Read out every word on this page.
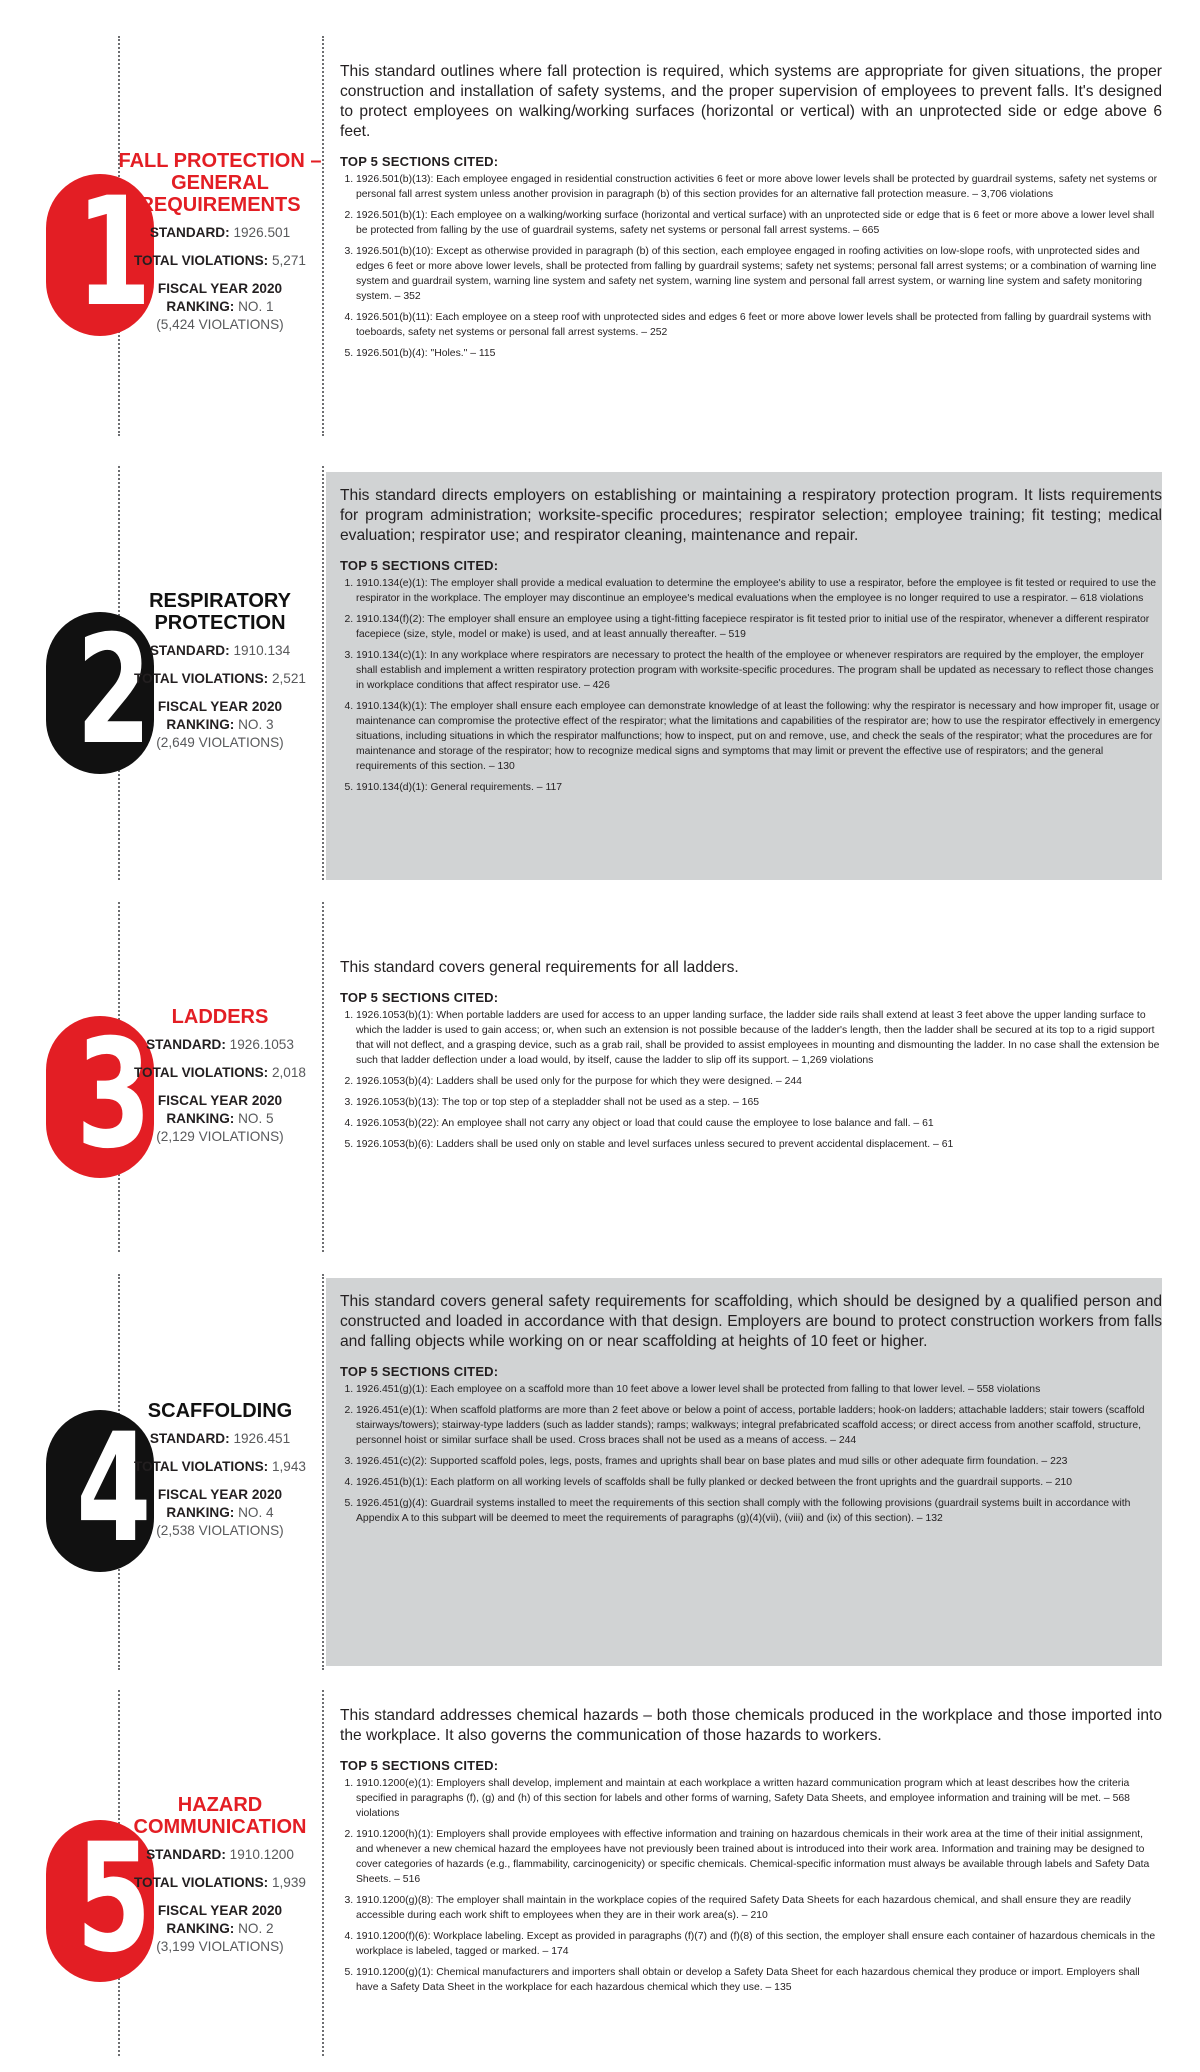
1
FALL PROTECTION – GENERAL REQUIREMENTS
STANDARD: 1926.501
TOTAL VIOLATIONS: 5,271
FISCAL YEAR 2020
RANKING: NO. 1
(5,424 VIOLATIONS)

This standard outlines where fall protection is required, which systems are appropriate for given situations, the proper construction and installation of safety systems, and the proper supervision of employees to prevent falls. It's designed to protect employees on walking/working surfaces (horizontal or vertical) with an unprotected side or edge above 6 feet.

TOP 5 SECTIONS CITED:
1. 1926.501(b)(13): Each employee engaged in residential construction activities 6 feet or more above lower levels shall be protected by guardrail systems, safety net systems or personal fall arrest system unless another provision in paragraph (b) of this section provides for an alternative fall protection measure. – 3,706 violations
2. 1926.501(b)(1): Each employee on a walking/working surface (horizontal and vertical surface) with an unprotected side or edge that is 6 feet or more above a lower level shall be protected from falling by the use of guardrail systems, safety net systems or personal fall arrest systems. – 665
3. 1926.501(b)(10): Except as otherwise provided in paragraph (b) of this section, each employee engaged in roofing activities on low-slope roofs, with unprotected sides and edges 6 feet or more above lower levels, shall be protected from falling by guardrail systems; safety net systems; personal fall arrest systems; or a combination of warning line system and guardrail system, warning line system and safety net system, warning line system and personal fall arrest system, or warning line system and safety monitoring system. – 352
4. 1926.501(b)(11): Each employee on a steep roof with unprotected sides and edges 6 feet or more above lower levels shall be protected from falling by guardrail systems with toeboards, safety net systems or personal fall arrest systems. – 252
5. 1926.501(b)(4): "Holes." – 115
2
RESPIRATORY PROTECTION
STANDARD: 1910.134
TOTAL VIOLATIONS: 2,521
FISCAL YEAR 2020
RANKING: NO. 3
(2,649 VIOLATIONS)

This standard directs employers on establishing or maintaining a respiratory protection program. It lists requirements for program administration; worksite-specific procedures; respirator selection; employee training; fit testing; medical evaluation; respirator use; and respirator cleaning, maintenance and repair.

TOP 5 SECTIONS CITED:
1. 1910.134(e)(1): The employer shall provide a medical evaluation to determine the employee's ability to use a respirator, before the employee is fit tested or required to use the respirator in the workplace. The employer may discontinue an employee's medical evaluations when the employee is no longer required to use a respirator. – 618 violations
2. 1910.134(f)(2): The employer shall ensure an employee using a tight-fitting facepiece respirator is fit tested prior to initial use of the respirator, whenever a different respirator facepiece (size, style, model or make) is used, and at least annually thereafter. – 519
3. 1910.134(c)(1): In any workplace where respirators are necessary to protect the health of the employee or whenever respirators are required by the employer, the employer shall establish and implement a written respiratory protection program with worksite-specific procedures. The program shall be updated as necessary to reflect those changes in workplace conditions that affect respirator use. – 426
4. 1910.134(k)(1): The employer shall ensure each employee can demonstrate knowledge of at least the following: why the respirator is necessary and how improper fit, usage or maintenance can compromise the protective effect of the respirator; what the limitations and capabilities of the respirator are; how to use the respirator effectively in emergency situations, including situations in which the respirator malfunctions; how to inspect, put on and remove, use, and check the seals of the respirator; what the procedures are for maintenance and storage of the respirator; how to recognize medical signs and symptoms that may limit or prevent the effective use of respirators; and the general requirements of this section. – 130
5. 1910.134(d)(1): General requirements. – 117
3	LADDERS
STANDARD: 1926.1053
TOTAL VIOLATIONS: 2,018
FISCAL YEAR 2020
RANKING: NO. 5
(2,129 VIOLATIONS)

This standard covers general requirements for all ladders.

TOP 5 SECTIONS CITED:
1. 1926.1053(b)(1): When portable ladders are used for access to an upper landing surface, the ladder side rails shall extend at least 3 feet above the upper landing surface to which the ladder is used to gain access; or, when such an extension is not possible because of the ladder's length, then the ladder shall be secured at its top to a rigid support that will not deflect, and a grasping device, such as a grab rail, shall be provided to assist employees in mounting and dismounting the ladder. In no case shall the extension be such that ladder deflection under a load would, by itself, cause the ladder to slip off its support. – 1,269 violations
2. 1926.1053(b)(4): Ladders shall be used only for the purpose for which they were designed. – 244
3. 1926.1053(b)(13): The top or top step of a stepladder shall not be used as a step. – 165
4. 1926.1053(b)(22): An employee shall not carry any object or load that could cause the employee to lose balance and fall. – 61
5. 1926.1053(b)(6): Ladders shall be used only on stable and level surfaces unless secured to prevent accidental displacement. – 61
4
SCAFFOLDING
STANDARD: 1926.451
TOTAL VIOLATIONS: 1,943
FISCAL YEAR 2020
RANKING: NO. 4
(2,538 VIOLATIONS)

This standard covers general safety requirements for scaffolding, which should be designed by a qualified person and constructed and loaded in accordance with that design. Employers are bound to protect construction workers from falls and falling objects while working on or near scaffolding at heights of 10 feet or higher.

TOP 5 SECTIONS CITED:
1. 1926.451(g)(1): Each employee on a scaffold more than 10 feet above a lower level shall be protected from falling to that lower level. – 558 violations
2. 1926.451(e)(1): When scaffold platforms are more than 2 feet above or below a point of access, portable ladders; hook-on ladders; attachable ladders; stair towers (scaffold stairways/towers); stairway-type ladders (such as ladder stands); ramps; walkways; integral prefabricated scaffold access; or direct access from another scaffold, structure, personnel hoist or similar surface shall be used. Cross braces shall not be used as a means of access. – 244
3. 1926.451(c)(2): Supported scaffold poles, legs, posts, frames and uprights shall bear on base plates and mud sills or other adequate firm foundation. – 223
4. 1926.451(b)(1): Each platform on all working levels of scaffolds shall be fully planked or decked between the front uprights and the guardrail supports. – 210
5. 1926.451(g)(4): Guardrail systems installed to meet the requirements of this section shall comply with the following provisions (guardrail systems built in accordance with Appendix A to this subpart will be deemed to meet the requirements of paragraphs (g)(4)(vii), (viii) and (ix) of this section). – 132
5
HAZARD COMMUNICATION
STANDARD: 1910.1200
TOTAL VIOLATIONS: 1,939
FISCAL YEAR 2020
RANKING: NO. 2
(3,199 VIOLATIONS)

This standard addresses chemical hazards – both those chemicals produced in the workplace and those imported into the workplace. It also governs the communication of those hazards to workers.

TOP 5 SECTIONS CITED:
1. 1910.1200(e)(1): Employers shall develop, implement and maintain at each workplace a written hazard communication program which at least describes how the criteria specified in paragraphs (f), (g) and (h) of this section for labels and other forms of warning, Safety Data Sheets, and employee information and training will be met. – 568 violations
2. 1910.1200(h)(1): Employers shall provide employees with effective information and training on hazardous chemicals in their work area at the time of their initial assignment, and whenever a new chemical hazard the employees have not previously been trained about is introduced into their work area. Information and training may be designed to cover categories of hazards (e.g., flammability, carcinogenicity) or specific chemicals. Chemical-specific information must always be available through labels and Safety Data Sheets. – 516
3. 1910.1200(g)(8): The employer shall maintain in the workplace copies of the required Safety Data Sheets for each hazardous chemical, and shall ensure they are readily accessible during each work shift to employees when they are in their work area(s). – 210
4. 1910.1200(f)(6): Workplace labeling. Except as provided in paragraphs (f)(7) and (f)(8) of this section, the employer shall ensure each container of hazardous chemicals in the workplace is labeled, tagged or marked. – 174
5. 1910.1200(g)(1): Chemical manufacturers and importers shall obtain or develop a Safety Data Sheet for each hazardous chemical they produce or import. Employers shall have a Safety Data Sheet in the workplace for each hazardous chemical which they use. – 135
